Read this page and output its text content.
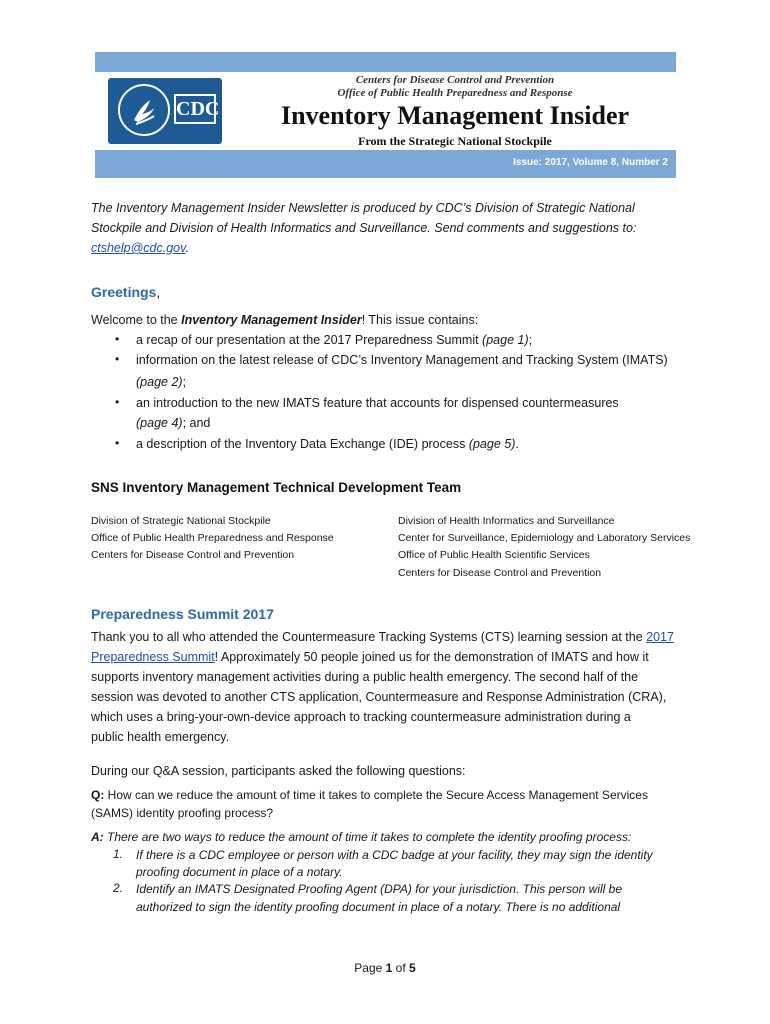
CDC
Centers for Disease Control and Prevention
Office of Public Health Preparedness and Response
Inventory Management Insider
From the Strategic National Stockpile
Issue: 2017, Volume 8, Number 2
The Inventory Management Insider Newsletter is produced by CDC’s Division of Strategic National
Stockpile and Division of Health Informatics and Surveillance. Send comments and suggestions to:
ctshelp@cdc.gov.
Greetings,
Welcome to the Inventory Management Insider! This issue contains:
• a recap of our presentation at the 2017 Preparedness Summit (page 1);
• information on the latest release of CDC’s Inventory Management and Tracking System (IMATS)
(page 2);
• an introduction to the new IMATS feature that accounts for dispensed countermeasures
(page 4); and
• a description of the Inventory Data Exchange (IDE) process (page 5).
SNS Inventory Management Technical Development Team
Division of Strategic National Stockpile
Office of Public Health Preparedness and Response
Centers for Disease Control and Prevention
Division of Health Informatics and Surveillance
Center for Surveillance, Epidemiology and Laboratory Services
Office of Public Health Scientific Services
Centers for Disease Control and Prevention
Preparedness Summit 2017
Thank you to all who attended the Countermeasure Tracking Systems (CTS) learning session at the 2017
Preparedness Summit! Approximately 50 people joined us for the demonstration of IMATS and how it
supports inventory management activities during a public health emergency. The second half of the
session was devoted to another CTS application, Countermeasure and Response Administration (CRA),
which uses a bring-your-own-device approach to tracking countermeasure administration during a
public health emergency.
During our Q&A session, participants asked the following questions:
Q: How can we reduce the amount of time it takes to complete the Secure Access Management Services
(SAMS) identity proofing process?
A: There are two ways to reduce the amount of time it takes to complete the identity proofing process:
1. If there is a CDC employee or person with a CDC badge at your facility, they may sign the identity
proofing document in place of a notary.
2. Identify an IMATS Designated Proofing Agent (DPA) for your jurisdiction. This person will be
authorized to sign the identity proofing document in place of a notary. There is no additional
Page 1 of 5
